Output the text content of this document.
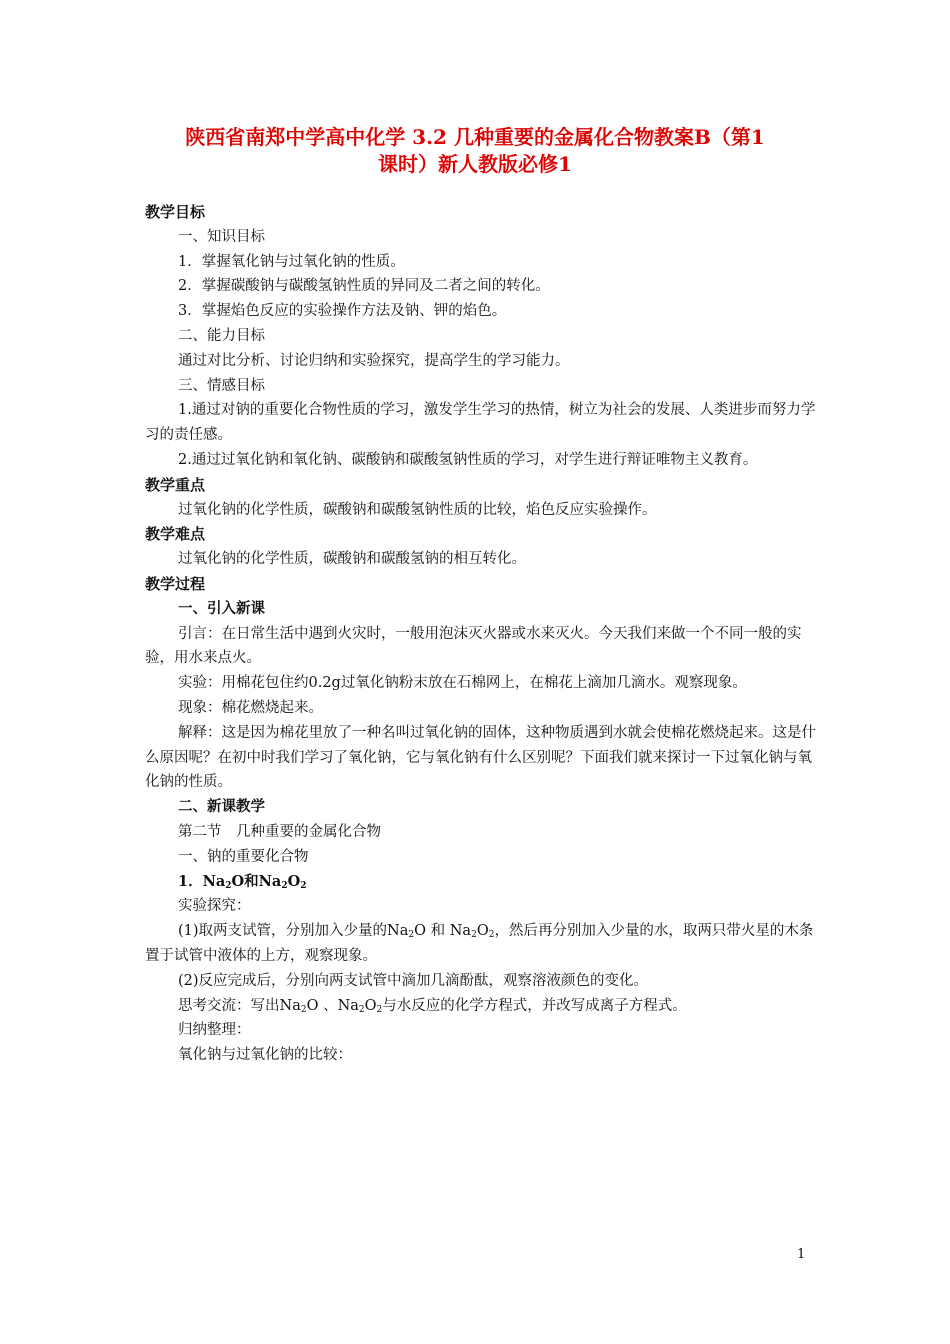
陕西省南郑中学高中化学 3.2 几种重要的金属化合物教案B（第1
课时）新人教版必修1

教学目标

一、知识目标

1．掌握氧化钠与过氧化钠的性质。

2．掌握碳酸钠与碳酸氢钠性质的异同及二者之间的转化。

3．掌握焰色反应的实验操作方法及钠、钾的焰色。

二、能力目标

通过对比分析、讨论归纳和实验探究，提高学生的学习能力。

三、情感目标

1.通过对钠的重要化合物性质的学习，激发学生学习的热情，树立为社会的发展、人类进步而努力学习的责任感。

2.通过过氧化钠和氧化钠、碳酸钠和碳酸氢钠性质的学习，对学生进行辩证唯物主义教育。

教学重点

过氧化钠的化学性质，碳酸钠和碳酸氢钠性质的比较，焰色反应实验操作。

教学难点

过氧化钠的化学性质，碳酸钠和碳酸氢钠的相互转化。

教学过程

一、引入新课

引言：在日常生活中遇到火灾时，一般用泡沫灭火器或水来灭火。今天我们来做一个不同一般的实验，用水来点火。

实验：用棉花包住约0.2g过氧化钠粉末放在石棉网上，在棉花上滴加几滴水。观察现象。

现象：棉花燃烧起来。

解释：这是因为棉花里放了一种名叫过氧化钠的固体，这种物质遇到水就会使棉花燃烧起来。这是什么原因呢？在初中时我们学习了氧化钠，它与氧化钠有什么区别呢？下面我们就来探讨一下过氧化钠与氧化钠的性质。

二、新课教学

第二节　几种重要的金属化合物

一、钠的重要化合物

1．$Na_2O$和$Na_2O_2$

实验探究：

(1)取两支试管，分别加入少量的$Na_2O$ 和 $Na_2O_2$，然后再分别加入少量的水，取两只带火星的木条置于试管中液体的上方，观察现象。

(2)反应完成后，分别向两支试管中滴加几滴酚酞，观察溶液颜色的变化。

思考交流：写出$Na_2O$ 、$Na_2O_2$与水反应的化学方程式，并改写成离子方程式。

归纳整理：

氧化钠与过氧化钠的比较：

1
